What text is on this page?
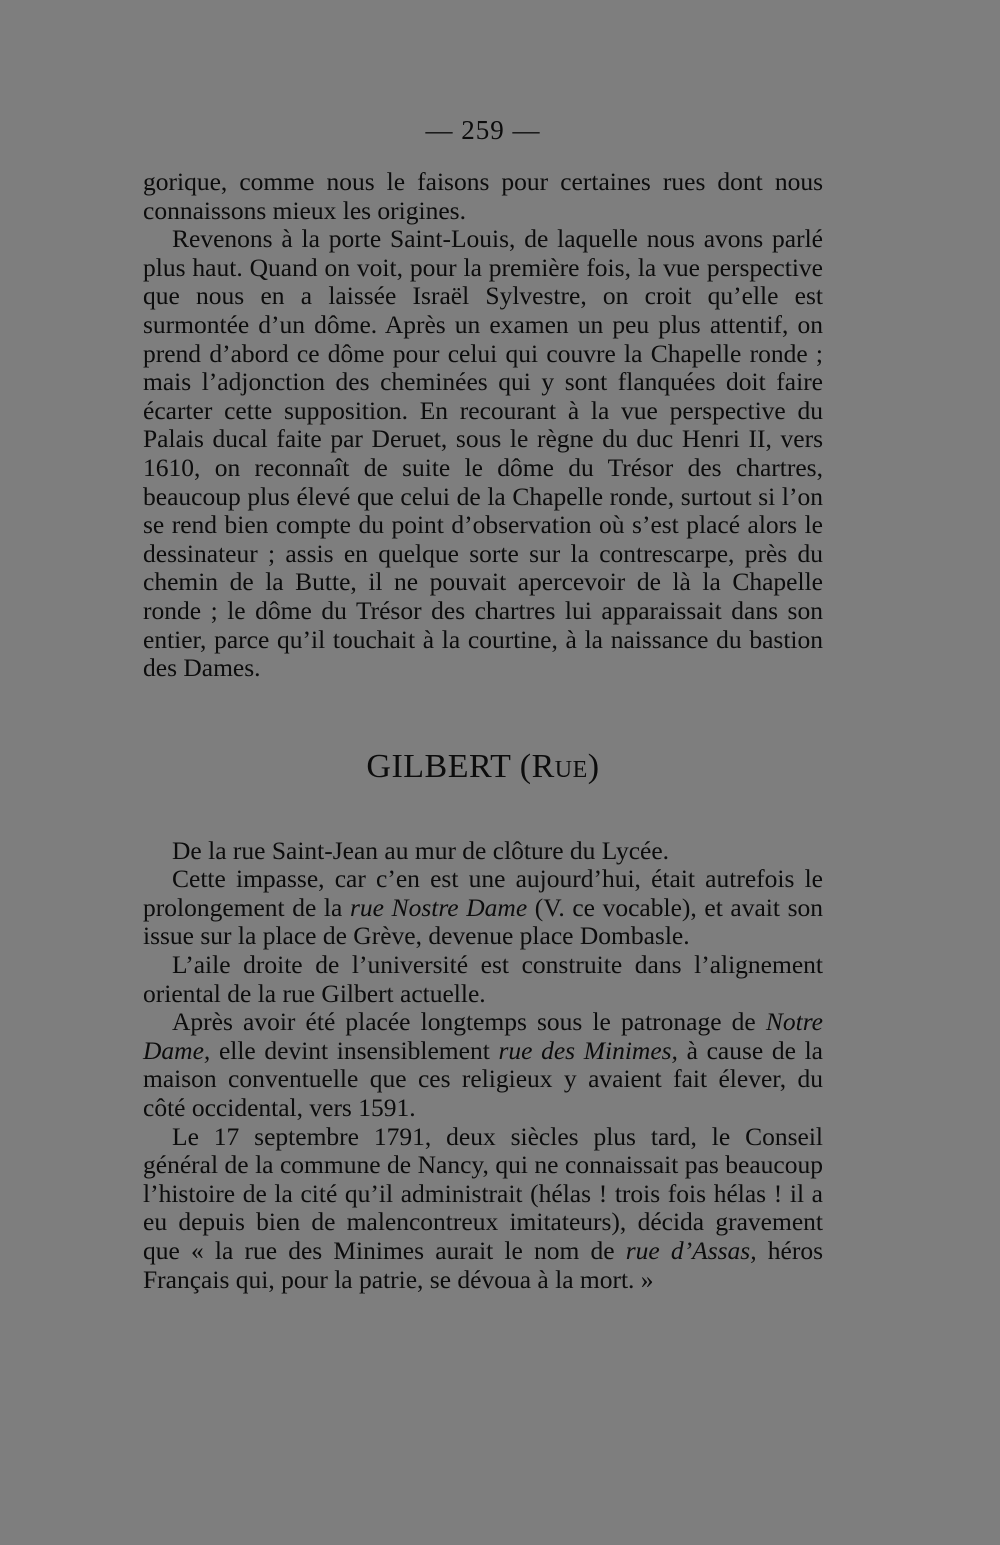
— 259 —

gorique, comme nous le faisons pour certaines rues dont nous connaissons mieux les origines.

Revenons à la porte Saint-Louis, de laquelle nous avons parlé plus haut. Quand on voit, pour la première fois, la vue perspective que nous en a laissée Israël Sylvestre, on croit qu’elle est surmontée d’un dôme. Après un examen un peu plus attentif, on prend d’abord ce dôme pour celui qui couvre la Chapelle ronde ; mais l’adjonction des cheminées qui y sont flanquées doit faire écarter cette supposition. En recourant à la vue perspective du Palais ducal faite par Deruet, sous le règne du duc Henri II, vers 1610, on reconnaît de suite le dôme du Trésor des chartres, beaucoup plus élevé que celui de la Chapelle ronde, surtout si l’on se rend bien compte du point d’observation où s’est placé alors le dessinateur ; assis en quelque sorte sur la contrescarpe, près du chemin de la Butte, il ne pouvait apercevoir de là la Chapelle ronde ; le dôme du Trésor des chartres lui apparaissait dans son entier, parce qu’il touchait à la courtine, à la naissance du bastion des Dames.

GILBERT (Rue)

De la rue Saint-Jean au mur de clôture du Lycée.

Cette impasse, car c’en est une aujourd’hui, était autrefois le prolongement de la rue Nostre Dame (V. ce vocable), et avait son issue sur la place de Grève, devenue place Dombasle.

L’aile droite de l’université est construite dans l’alignement oriental de la rue Gilbert actuelle.

Après avoir été placée longtemps sous le patronage de Notre Dame, elle devint insensiblement rue des Minimes, à cause de la maison conventuelle que ces religieux y avaient fait élever, du côté occidental, vers 1591.

Le 17 septembre 1791, deux siècles plus tard, le Conseil général de la commune de Nancy, qui ne connaissait pas beaucoup l’histoire de la cité qu’il administrait (hélas ! trois fois hélas ! il a eu depuis bien de malencontreux imitateurs), décida gravement que « la rue des Minimes aurait le nom de rue d’Assas, héros Français qui, pour la patrie, se dévoua à la mort. »
